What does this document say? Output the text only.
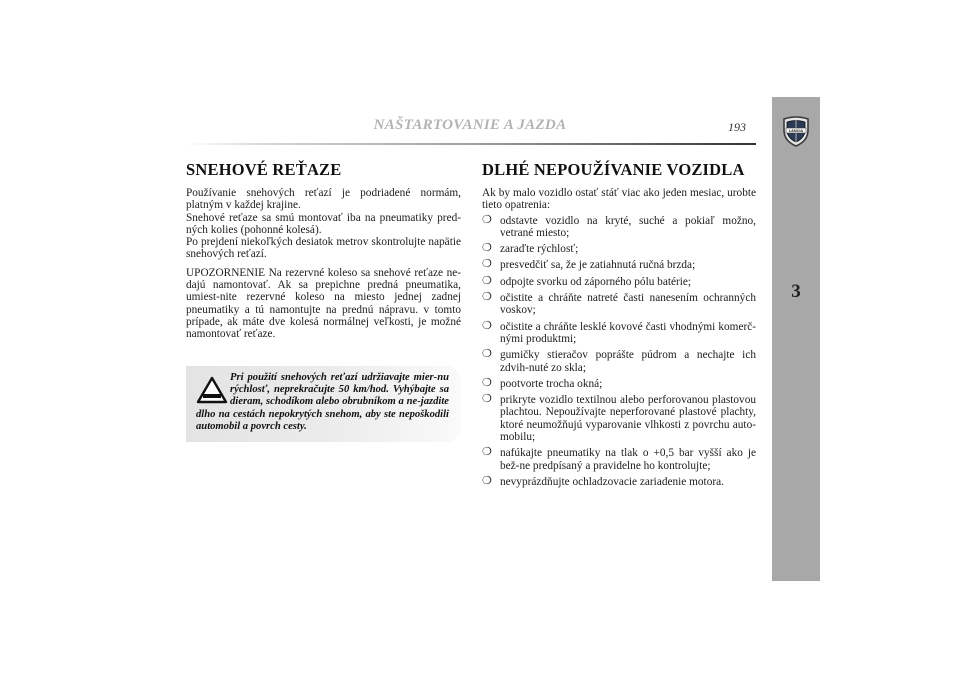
NAŠTARTOVANIE A JAZDA	193	LANCIA
3
SNEHOVÉ REŤAZE

Používanie snehových reťazí je podriadené normám, platným v každej krajine.

Snehové reťaze sa smú montovať iba na pneumatiky pred-ných kolies (pohonné kolesá).

Po prejdení niekoľkých desiatok metrov skontrolujte napätie snehových reťazí.

UPOZORNENIE Na rezervné koleso sa snehové reťaze ne-dajú namontovať. Ak sa prepichne predná pneumatika, umiest-nite rezervné koleso na miesto jednej zadnej pneumatiky a tú namontujte na prednú nápravu. v tomto prípade, ak máte dve kolesá normálnej veľkosti, je možné namontovať reťaze.

Pri použití snehových reťazí udržiavajte mier-nu rýchlosť, neprekračujte 50 km/hod. Vyhýbajte sa dieram, schodíkom alebo obrubníkom a ne-jazdite dlho na cestách nepokrytých snehom, aby ste nepoškodili automobil a povrch cesty.
DLHÉ NEPOUŽÍVANIE VOZIDLA

Ak by malo vozidlo ostať stáť viac ako jeden mesiac, urobte tieto opatrenia:

❍ odstavte vozidlo na kryté, suché a pokiaľ možno, vetrané miesto;
❍ zaraďte rýchlosť;
❍ presvedčiť sa, že je zatiahnutá ručná brzda;
❍ odpojte svorku od záporného pólu batérie;
❍ očistite a chráňte natreté časti nanesením ochranných voskov;
❍ očistite a chráňte lesklé kovové časti vhodnými komerč-nými produktmi;
❍ gumičky stieračov poprášte púdrom a nechajte ich zdvih-nuté zo skla;
❍ pootvorte trocha okná;
❍ prikryte vozidlo textilnou alebo perforovanou plastovou plachtou. Nepoužívajte neperforované plastové plachty, ktoré neumožňujú vyparovanie vlhkosti z povrchu auto-mobilu;
❍ nafúkajte pneumatiky na tlak o +0,5 bar vyšší ako je bež-ne predpísaný a pravidelne ho kontrolujte;
❍ nevyprázdňujte ochladzovacie zariadenie motora.
